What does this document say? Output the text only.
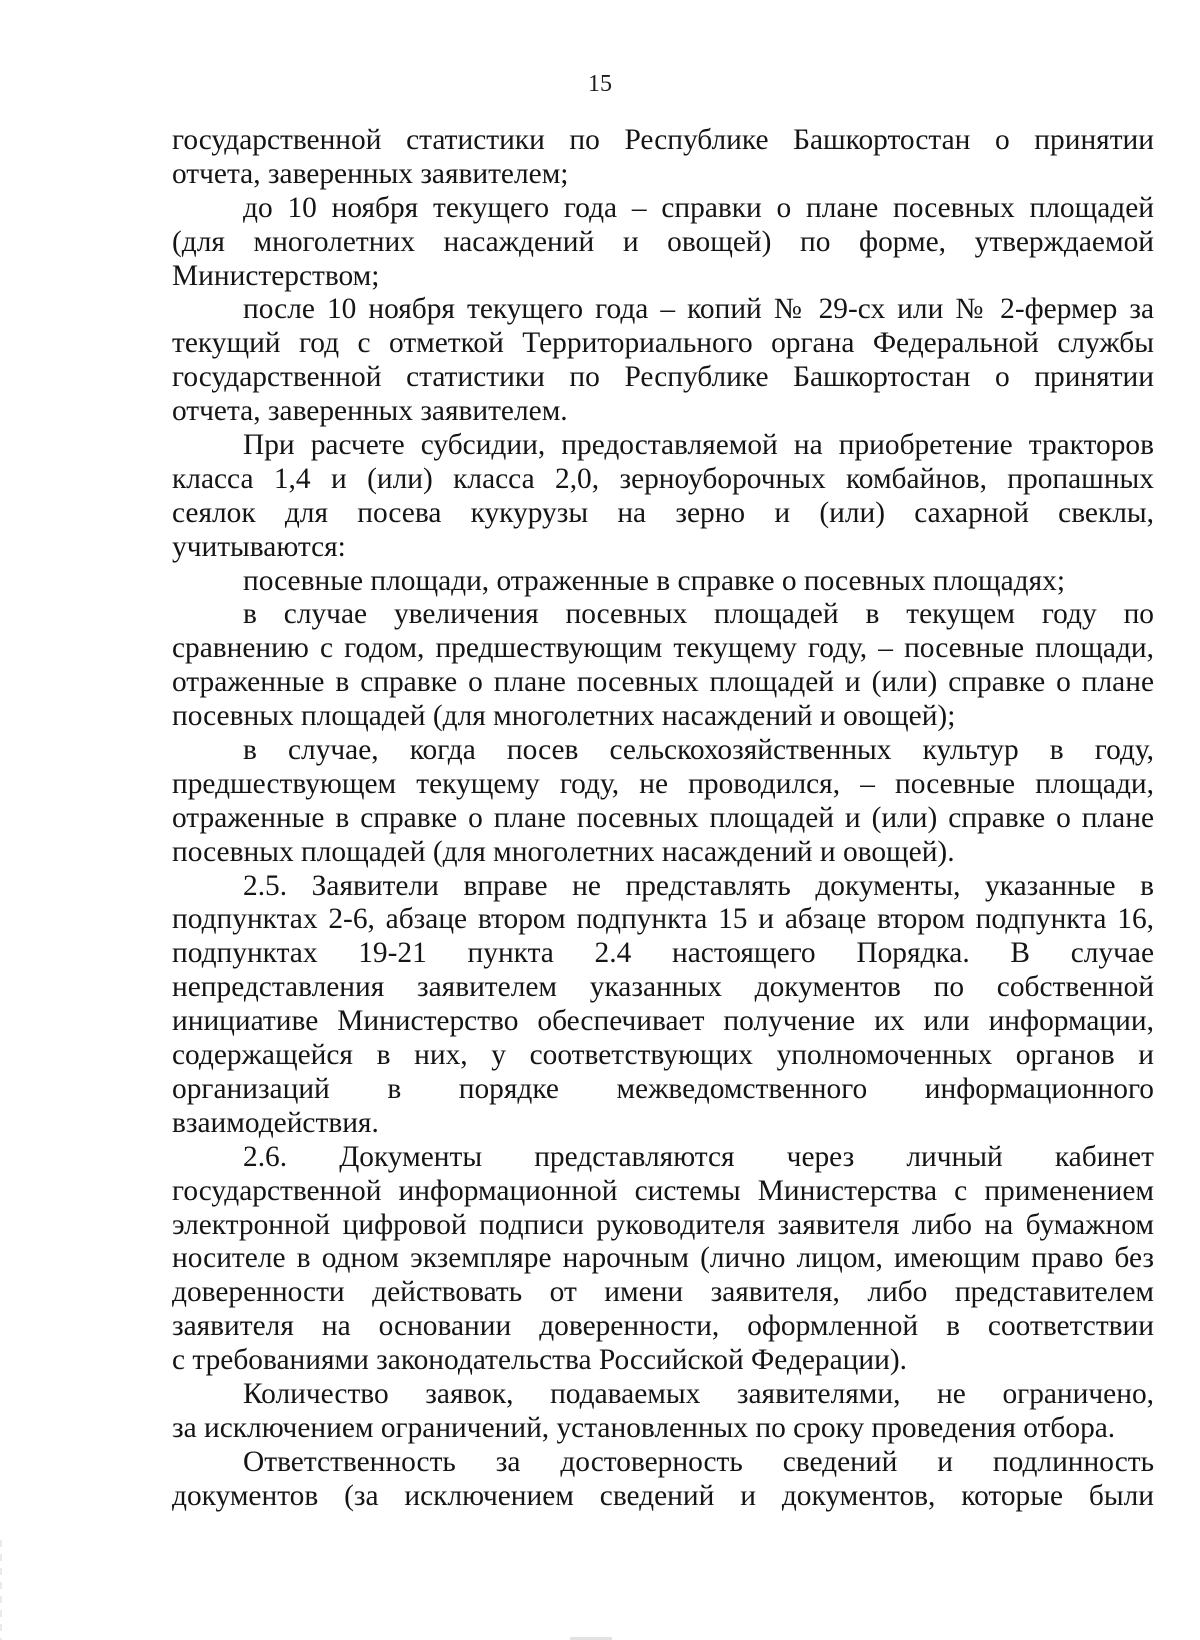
15
государственной статистики по Республике Башкортостан о принятии
отчета, заверенных заявителем;
до 10 ноября текущего года – справки о плане посевных площадей
(для многолетних насаждений и овощей) по форме, утверждаемой
Министерством;
после 10 ноября текущего года – копий № 29-сх или № 2-фермер за
текущий год с отметкой Территориального органа Федеральной службы
государственной статистики по Республике Башкортостан о принятии
отчета, заверенных заявителем.
При расчете субсидии, предоставляемой на приобретение тракторов
класса 1,4 и (или) класса 2,0, зерноуборочных комбайнов, пропашных
сеялок для посева кукурузы на зерно и (или) сахарной свеклы,
учитываются:
посевные площади, отраженные в справке о посевных площадях;
в случае увеличения посевных площадей в текущем году по
сравнению с годом, предшествующим текущему году, – посевные площади,
отраженные в справке о плане посевных площадей и (или) справке о плане
посевных площадей (для многолетних насаждений и овощей);
в случае, когда посев сельскохозяйственных культур в году,
предшествующем текущему году, не проводился, – посевные площади,
отраженные в справке о плане посевных площадей и (или) справке о плане
посевных площадей (для многолетних насаждений и овощей).
2.5. Заявители вправе не представлять документы, указанные в
подпунктах 2-6, абзаце втором подпункта 15 и абзаце втором подпункта 16,
подпунктах 19-21 пункта 2.4 настоящего Порядка. В случае
непредставления заявителем указанных документов по собственной
инициативе Министерство обеспечивает получение их или информации,
содержащейся в них, у соответствующих уполномоченных органов и
организаций в порядке межведомственного информационного
взаимодействия.
2.6. Документы представляются через личный кабинет
государственной информационной системы Министерства с применением
электронной цифровой подписи руководителя заявителя либо на бумажном
носителе в одном экземпляре нарочным (лично лицом, имеющим право без
доверенности действовать от имени заявителя, либо представителем
заявителя на основании доверенности, оформленной в соответствии
с требованиями законодательства Российской Федерации).
Количество заявок, подаваемых заявителями, не ограничено,
за исключением ограничений, установленных по сроку проведения отбора.
Ответственность за достоверность сведений и подлинность
документов (за исключением сведений и документов, которые были
